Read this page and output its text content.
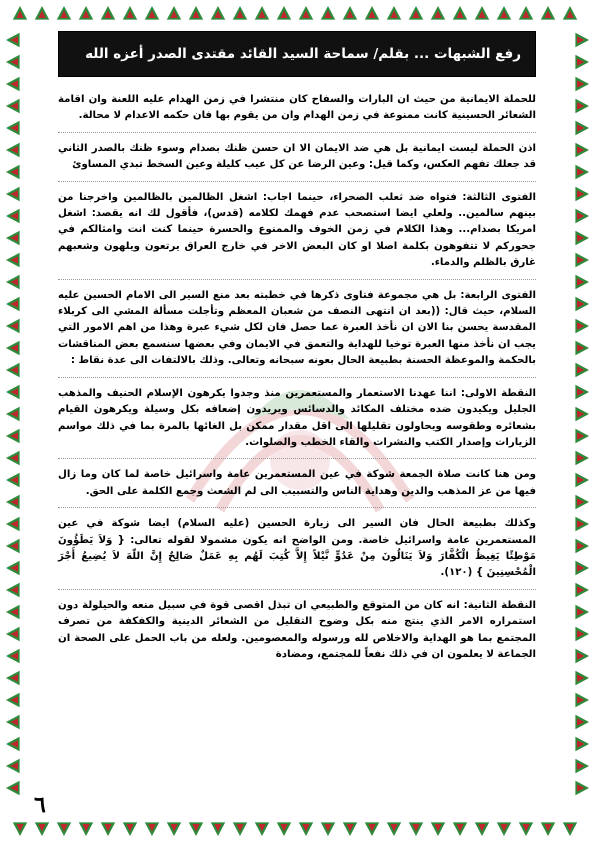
رفع الشبهات ... بقلم/ سماحة السيد القائد مقتدى الصدر أعزه الله

للحملة الايمانية من حيث ان البارات والسفاح كان منتشرا في زمن الهدام عليه اللعنة وان اقامة الشعائر الحسينية كانت ممنوعة في زمن الهدام وان من يقوم بها فان حكمه الاعدام لا محالة.

اذن الحملة ليست ايمانية بل هي ضد الايمان الا ان حسن ظنك بصدام وسوء ظنك بالصدر الثاني قد جعلك تفهم العكس، وكما قيل: وعين الرضا عن كل عيب كليلة وعين السخط تبدي المساوئ

الفتوى الثالثة: فتواه ضد ثعلب الصحراء، حينما اجاب: اشغل الظالمين بالظالمين واخرجنا من بينهم سالمين.. ولعلي ايضا استصحب عدم فهمك لكلامه (قدس)، فأقول لك انه يقصد: اشغل امريكا بصدام... وهذا الكلام في زمن الخوف والممنوع والحسرة حينما كنت انت وامثالكم في جحوركم لا تتفوهون بكلمة اصلا او كان البعض الاخر في خارج العراق يرتعون ويلهون وشعبهم غارق بالظلم والدماء.

الفتوى الرابعة: بل هي مجموعة فتاوى ذكرها في خطبته بعد منع السير الى الامام الحسين عليه السلام، حيث قال: ((بعد ان انتهى النصف من شعبان المعظم وتأجلت مسألة المشي الى كربلاء المقدسة يحسن بنا الان ان نأخذ العبرة عما حصل فان لكل شيء عبرة وهذا من اهم الامور التي يجب ان نأخذ منها العبرة توخيا للهداية والتعمق في الايمان وفي بعضها سنسمع بعض المناقشات بالحكمة والموعظة الحسنة بطبيعة الحال بعونه سبحانه وتعالى. وذلك بالالتفات الى عدة نقاط :

النقطة الاولى: اننا عهدنا الاستعمار والمستعمرين منذ وجدوا يكرهون الإسلام الحنيف والمذهب الجليل ويكيدون ضده مختلف المكائد والدسائس ويريدون إضعافه بكل وسيلة ويكرهون القيام بشعائره وطقوسه ويحاولون تقليلها الى اقل مقدار ممكن بل الغائها بالمرة بما في ذلك مواسم الزيارات وإصدار الكتب والنشرات والقاء الخطب والصلوات.

ومن هنا كانت صلاة الجمعة شوكة في عين المستعمرين عامة واسرائيل خاصة لما كان وما زال فيها من عز المذهب والدين وهداية الناس والتسبيب الى لم الشعث وجمع الكلمة على الحق.

وكذلك بطبيعة الحال فان السير الى زيارة الحسين (عليه السلام) ايضا شوكة في عين المستعمرين عامة واسرائيل خاصة. ومن الواضح انه يكون مشمولا لقوله تعالى: { وَلاَ يَطَؤُونَ مَوْطِئًا يَغِيظُ الْكُفَّارَ وَلاَ يَنَالُونَ مِنْ عَدُوٍّ نَّيْلاً إِلاَّ كُتِبَ لَهُم بِهِ عَمَلٌ صَالِحٌ إِنَّ اللّهَ لاَ يُضِيعُ أَجْرَ الْمُحْسِنِينَ } (١٢٠).

النقطة الثانية: انه كان من المتوقع والطبيعي ان تبذل اقصى قوة في سبيل منعه والحيلولة دون استمراره الامر الذي ينتج منه بكل وضوح التقليل من الشعائر الدينية والكفكفة من تصرف المجتمع بما هو الهداية والاخلاص لله ورسوله والمعصومين. ولعله من باب الحمل على الصحة ان الجماعة لا يعلمون ان في ذلك نفعاً للمجتمع، ومضادة

٦
